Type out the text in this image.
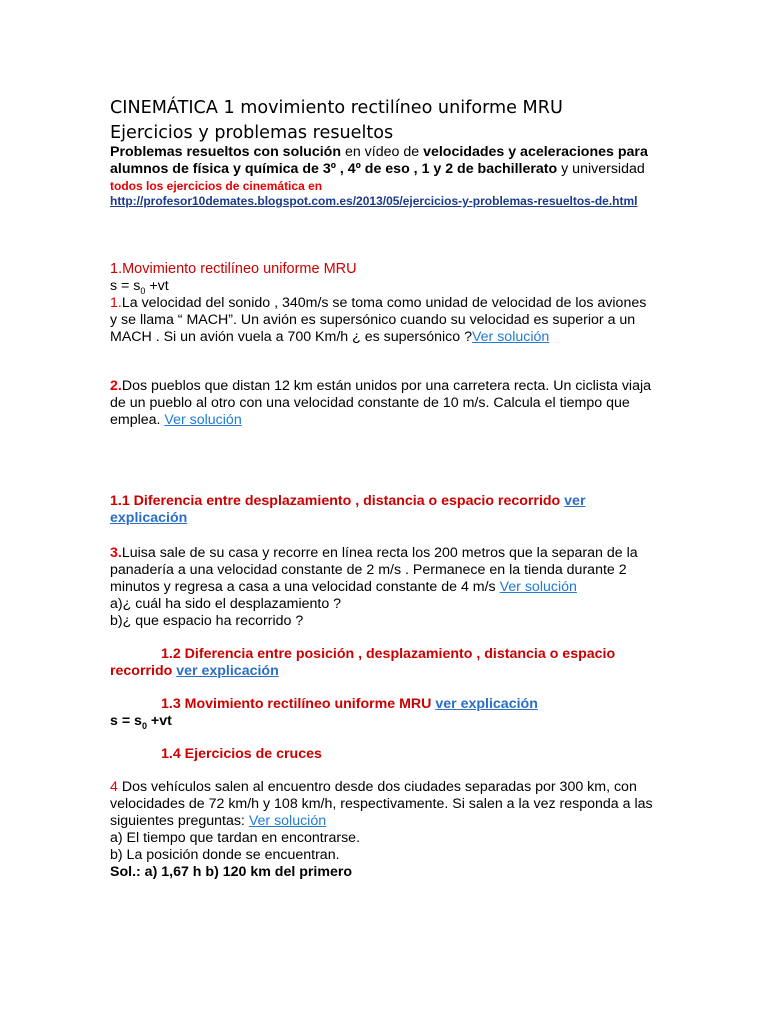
CINEMÁTICA 1 movimiento rectilíneo uniforme MRU
Ejercicios y problemas resueltos

Problemas resueltos con solución en vídeo de velocidades y aceleraciones para alumnos de física y química de 3º , 4º de eso , 1 y 2 de bachillerato y universidad

todos los ejercicios de cinemática en

http://profesor10demates.blogspot.com.es/2013/05/ejercicios-y-problemas-resueltos-de.html

1.Movimiento rectilíneo uniforme MRU

$s = s_0 +vt$

1.La velocidad del sonido , 340m/s se toma como unidad de velocidad de los aviones y se llama “ MACH”. Un avión es supersónico cuando su velocidad es superior a un MACH . Si un avión vuela a 700 Km/h ¿ es supersónico ?Ver solución

2.Dos pueblos que distan 12 km están unidos por una carretera recta. Un ciclista viaja de un pueblo al otro con una velocidad constante de 10 m/s. Calcula el tiempo que emplea. Ver solución

1.1 Diferencia entre desplazamiento , distancia o espacio recorrido ver explicación

3.Luisa sale de su casa y recorre en línea recta los 200 metros que la separan de la panadería a una velocidad constante de 2 m/s . Permanece en la tienda durante 2 minutos y regresa a casa a una velocidad constante de 4 m/s Ver solución

a)¿ cuál ha sido el desplazamiento ?

b)¿ que espacio ha recorrido ?

1.2 Diferencia entre posición , desplazamiento , distancia o espacio recorrido ver explicación

1.3 Movimiento rectilíneo uniforme MRU ver explicación

$s = s_0 +vt$

1.4 Ejercicios de cruces

4 Dos vehículos salen al encuentro desde dos ciudades separadas por 300 km, con

velocidades de 72 km/h y 108 km/h, respectivamente. Si salen a la vez responda a las siguientes preguntas: Ver solución

a) El tiempo que tardan en encontrarse.

b) La posición donde se encuentran.

Sol.: a) 1,67 h b) 120 km del primero
